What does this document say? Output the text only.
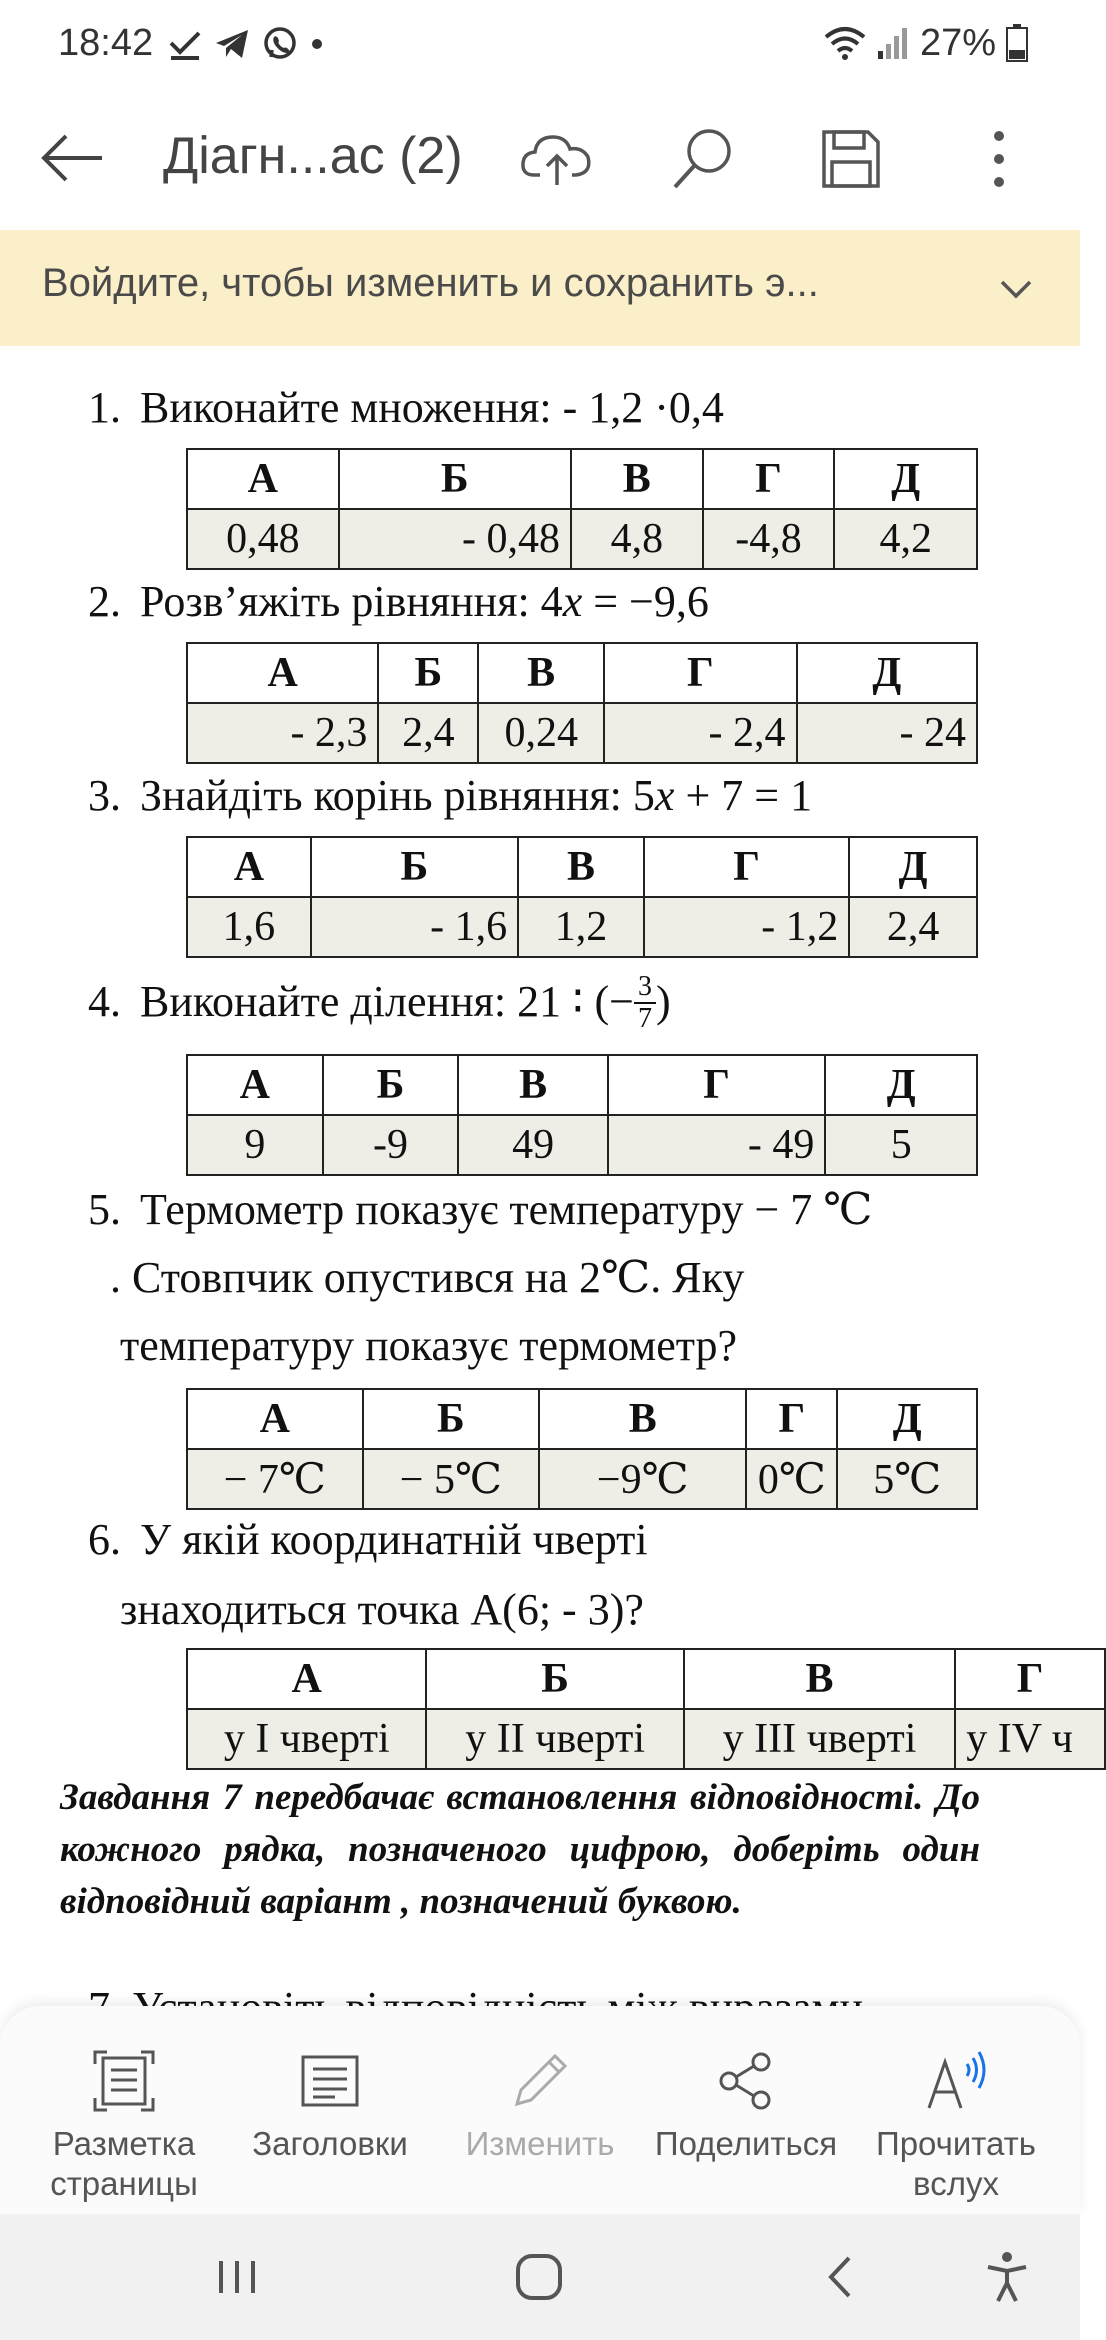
18:42	27%
Діагн...ас (2)
Войдите, чтобы изменить и сохранить э...
1. Виконайте множення: - 1,2 ·0,4
А	Б	В	Г	Д
0,48	- 0,48	4,8	-4,8	4,2
2. Розв’яжіть рівняння: 4x = −9,6
А	Б	В	Г	Д
- 2,3	2,4	0,24	- 2,4	- 24
3. Знайдіть корінь рівняння: 5x + 7 = 1
А	Б	В	Г	Д
1,6	- 1,6	1,2	- 1,2	2,4
4. Виконайте ділення: 21 ∶ (− $\frac{3}{7}$ )
А	Б	В	Г	Д
9	-9	49	- 49	5
5. Термометр показує температуру − 7 ℃
. Стовпчик опустився на 2℃. Яку
температуру показує термометр?
А	Б	В	Г	Д
− 7℃	− 5℃	−9℃	0℃	5℃
6. У якій координатній чверті
знаходиться точка А(6; - 3)?
А	Б	В	Г
у І чверті	у ІІ чверті	у ІІІ чверті	у IV ч
Завдання 7 передбачає встановлення відповідності. До кожного рядка, позначеного цифрою, доберіть один відповідний варіант , позначений буквою.
Разметка страницы
Заголовки	Изменить	Поделиться	Прочитать вслух
